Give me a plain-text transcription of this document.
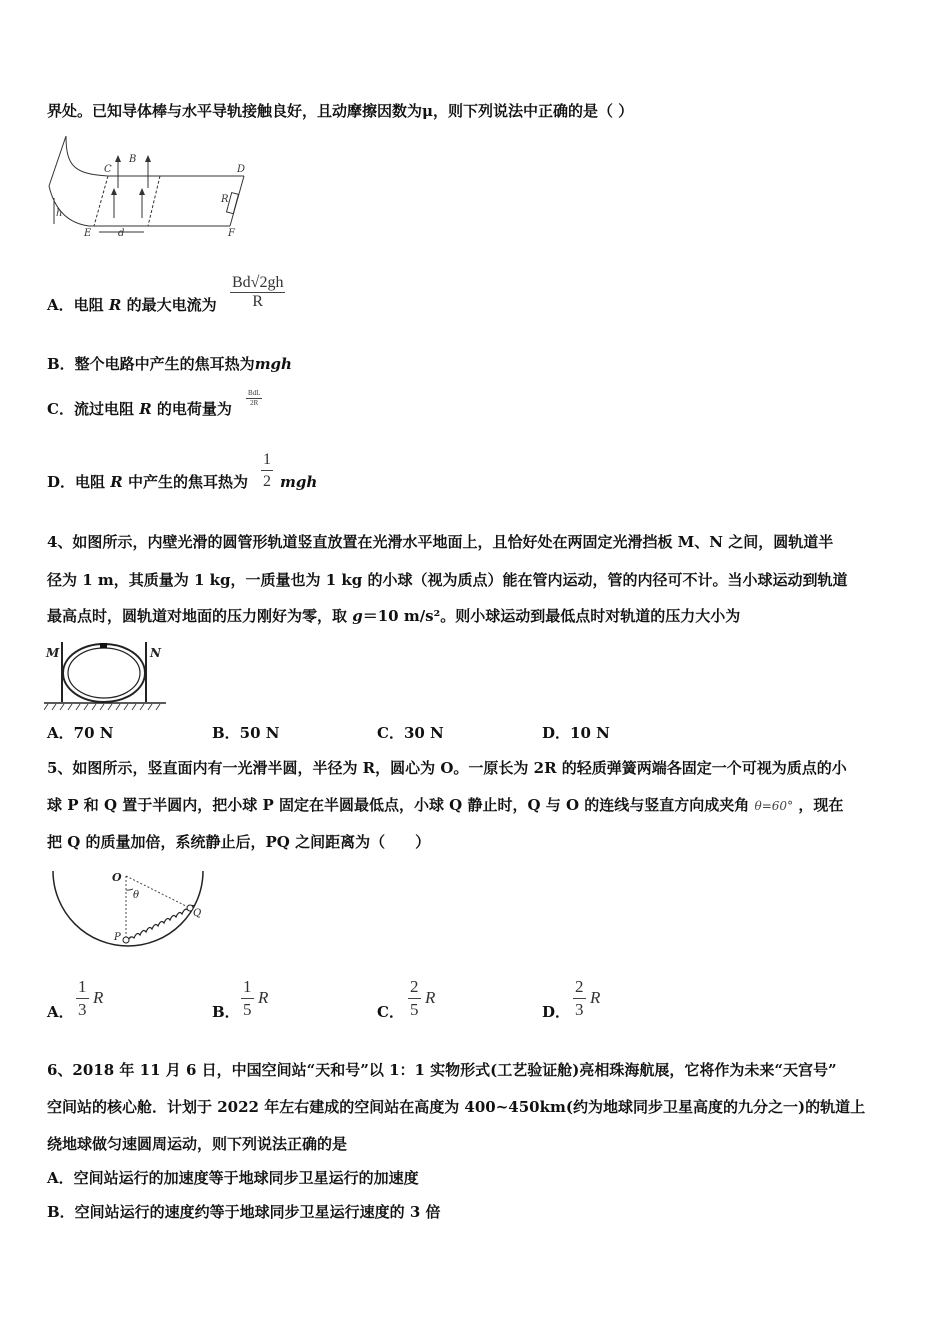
界处。已知导体棒与水平导轨接触良好，且动摩擦因数为μ，则下列说法中正确的是（ ）
C
B
D
R
h
E	d	F
A．电阻 R 的最大电流为 $\frac{Bd√2gh}{R}$
B．整个电路中产生的焦耳热为mgh
C．流过电阻 R 的电荷量为
BdL
2R
D．电阻 R 中产生的焦耳热为 $\frac{1}{2}$ mgh
4、如图所示，内壁光滑的圆管形轨道竖直放置在光滑水平地面上，且恰好处在两固定光滑挡板 M、N 之间，圆轨道半
径为 1 m，其质量为 1 kg，一质量也为 1 kg 的小球（视为质点）能在管内运动，管的内径可不计。当小球运动到轨道
最高点时，圆轨道对地面的压力刚好为零，取 g＝10 m/s²。则小球运动到最低点时对轨道的压力大小为
M	N
A．70 N	B．50 N	C．30 N	D．10 N
5、如图所示，竖直面内有一光滑半圆，半径为 R，圆心为 O。一原长为 2R 的轻质弹簧两端各固定一个可视为质点的小
球 P 和 Q 置于半圆内，把小球 P 固定在半圆最低点，小球 Q 静止时，Q 与 O 的连线与竖直方向成夹角 θ=60° ，现在
把 Q 的质量加倍，系统静止后，PQ 之间距离为（　　）
O
θ
P
Q
A． $\frac{1}{3}$ R
B． $\frac{1}{5}$ R
C． $\frac{2}{5}$ R
D． $\frac{2}{3}$ R
6、2018 年 11 月 6 日，中国空间站“天和号”以 1：1 实物形式(工艺验证舱)亮相珠海航展，它将作为未来“天宫号”
空间站的核心舱．计划于 2022 年左右建成的空间站在高度为 400~450km(约为地球同步卫星高度的九分之一)的轨道上
绕地球做匀速圆周运动，则下列说法正确的是
A．空间站运行的加速度等于地球同步卫星运行的加速度
B．空间站运行的速度约等于地球同步卫星运行速度的 3 倍
